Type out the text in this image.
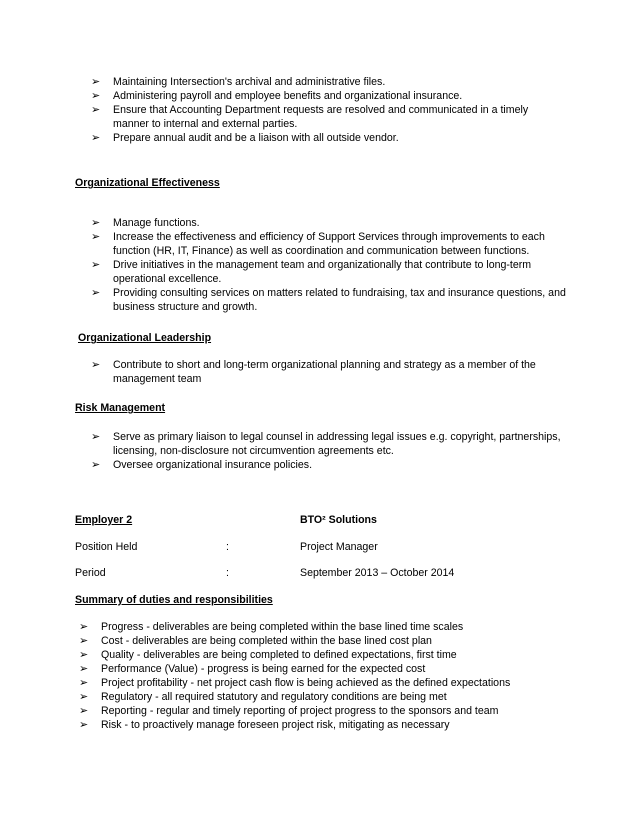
➢ Maintaining Intersection's archival and administrative files.
➢ Administering payroll and employee benefits and organizational insurance.
➢ Ensure that Accounting Department requests are resolved and communicated in a timely manner to internal and external parties.
➢ Prepare annual audit and be a liaison with all outside vendor.
Organizational Effectiveness
➢ Manage functions.
➢ Increase the effectiveness and efficiency of Support Services through improvements to each function (HR, IT, Finance) as well as coordination and communication between functions.
➢ Drive initiatives in the management team and organizationally that contribute to long-term operational excellence.
➢ Providing consulting services on matters related to fundraising, tax and insurance questions, and business structure and growth.
Organizational Leadership
➢ Contribute to short and long-term organizational planning and strategy as a member of the management team
Risk Management
➢ Serve as primary liaison to legal counsel in addressing legal issues e.g. copyright, partnerships, licensing, non-disclosure not circumvention agreements etc.
➢ Oversee organizational insurance policies.
Employer 2	BTO² Solutions
Position Held	:	Project Manager
Period	:	September 2013 – October 2014
Summary of duties and responsibilities
➢ Progress - deliverables are being completed within the base lined time scales
➢ Cost - deliverables are being completed within the base lined cost plan
➢ Quality - deliverables are being completed to defined expectations, first time
➢ Performance (Value) - progress is being earned for the expected cost
➢ Project profitability - net project cash flow is being achieved as the defined expectations
➢ Regulatory - all required statutory and regulatory conditions are being met
➢ Reporting - regular and timely reporting of project progress to the sponsors and team
➢ Risk - to proactively manage foreseen project risk, mitigating as necessary
